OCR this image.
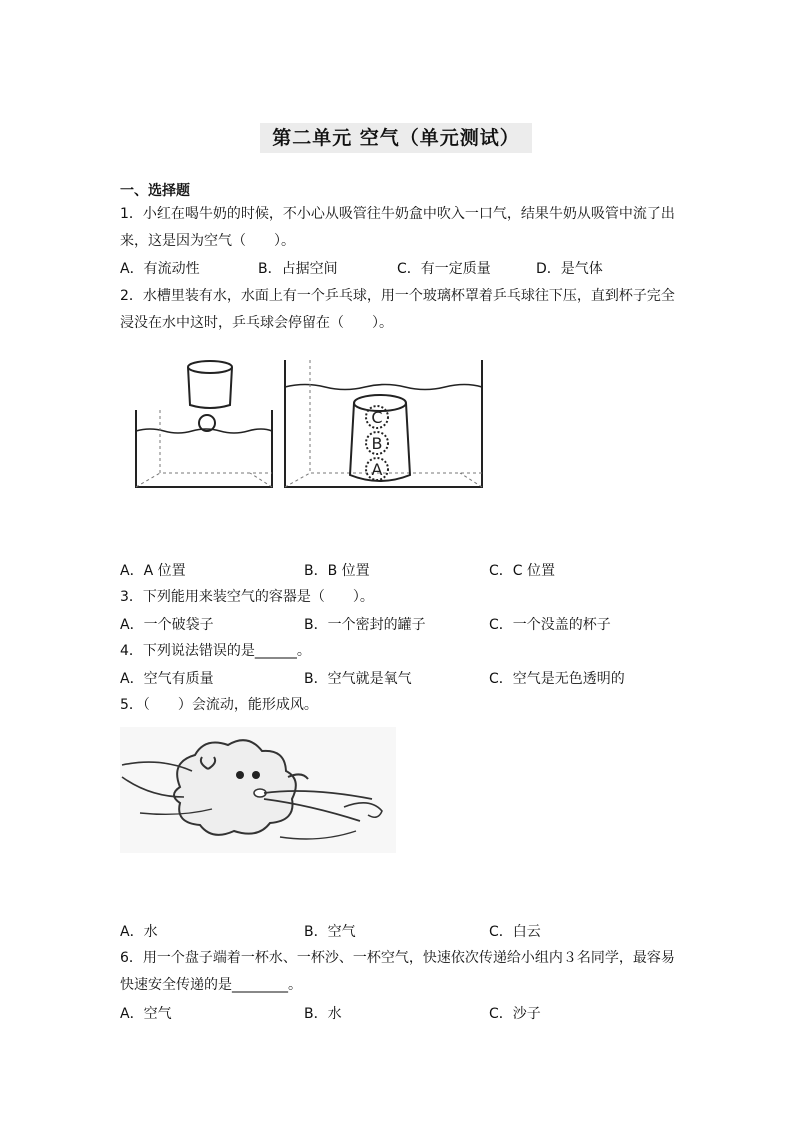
第二单元 空气（单元测试）
一、选择题
1．小红在喝牛奶的时候，不小心从吸管往牛奶盒中吹入一口气，结果牛奶从吸管中流了出
来，这是因为空气（　　）。
A．有流动性	B．占据空间	C．有一定质量	D．是气体
2．水槽里装有水，水面上有一个乒乓球，用一个玻璃杯罩着乒乓球往下压，直到杯子完全
浸没在水中这时，乒乓球会停留在（　　）。
C
B
A
A．A 位置	B．B 位置	C．C 位置
3．下列能用来装空气的容器是（　　）。
A．一个破袋子	B．一个密封的罐子	C．一个没盖的杯子
4．下列说法错误的是______。
A．空气有质量	B．空气就是氧气	C．空气是无色透明的
5．（　　）会流动，能形成风。
A．水	B．空气	C．白云
6．用一个盘子端着一杯水、一杯沙、一杯空气，快速依次传递给小组内３名同学，最容易
快速安全传递的是________。
A．空气	B．水	C．沙子
